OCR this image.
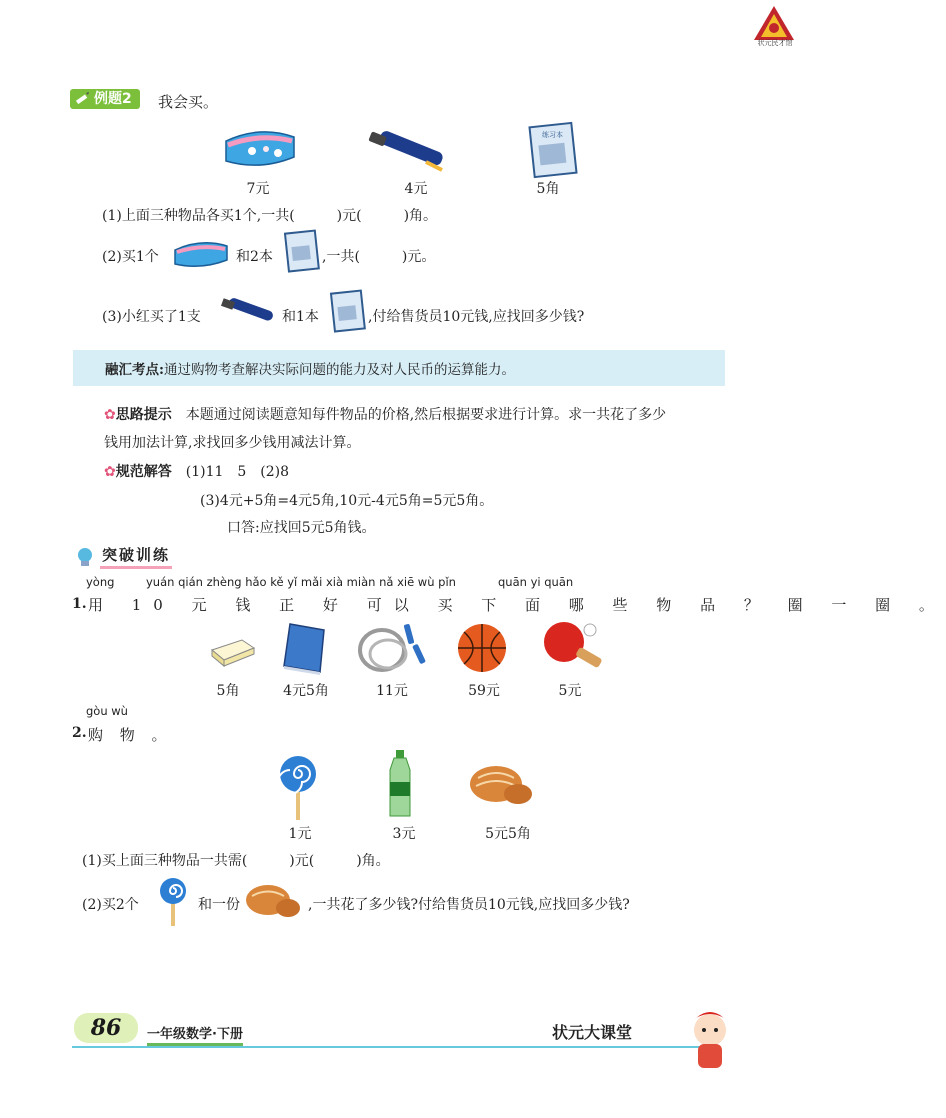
状元民才馆
例题2 我会买。
练习本
7元	4元	5角
(1)上面三种物品各买1个,一共(　　　)元(　　　)角。
(2)买1个	和2本	,一共(　　　)元。
(3)小红买了1支	和1本	,付给售货员10元钱,应找回多少钱?
融汇考点:通过购物考查解决实际问题的能力及对人民币的运算能力。
✿思路提示　 本题通过阅读题意知每件物品的价格,然后根据要求进行计算。求一共花了多少
钱用加法计算,求找回多少钱用减法计算。
✿规范解答　 (1)11　5　(2)8
(3)4元+5角=4元5角,10元-4元5角=5元5角。
口答:应找回5元5角钱。
突破训练
yòng	yuán qián zhèng hǎo kě yǐ mǎi xià miàn nǎ xiē wù pǐn	quān yi quān
1. 用 10 元 钱 正 好 可以 买 下 面 哪 些 物 品 ？ 圈 一 圈 。
5角	4元5角	11元	59元	5元
gòu wù
2. 购 物 。
1元	3元	5元5角
(1)买上面三种物品一共需(　　　)元(　　　)角。
(2)买2个	和一份	,一共花了多少钱?付给售货员10元钱,应找回多少钱?
86	一年级数学·下册	状元大课堂
